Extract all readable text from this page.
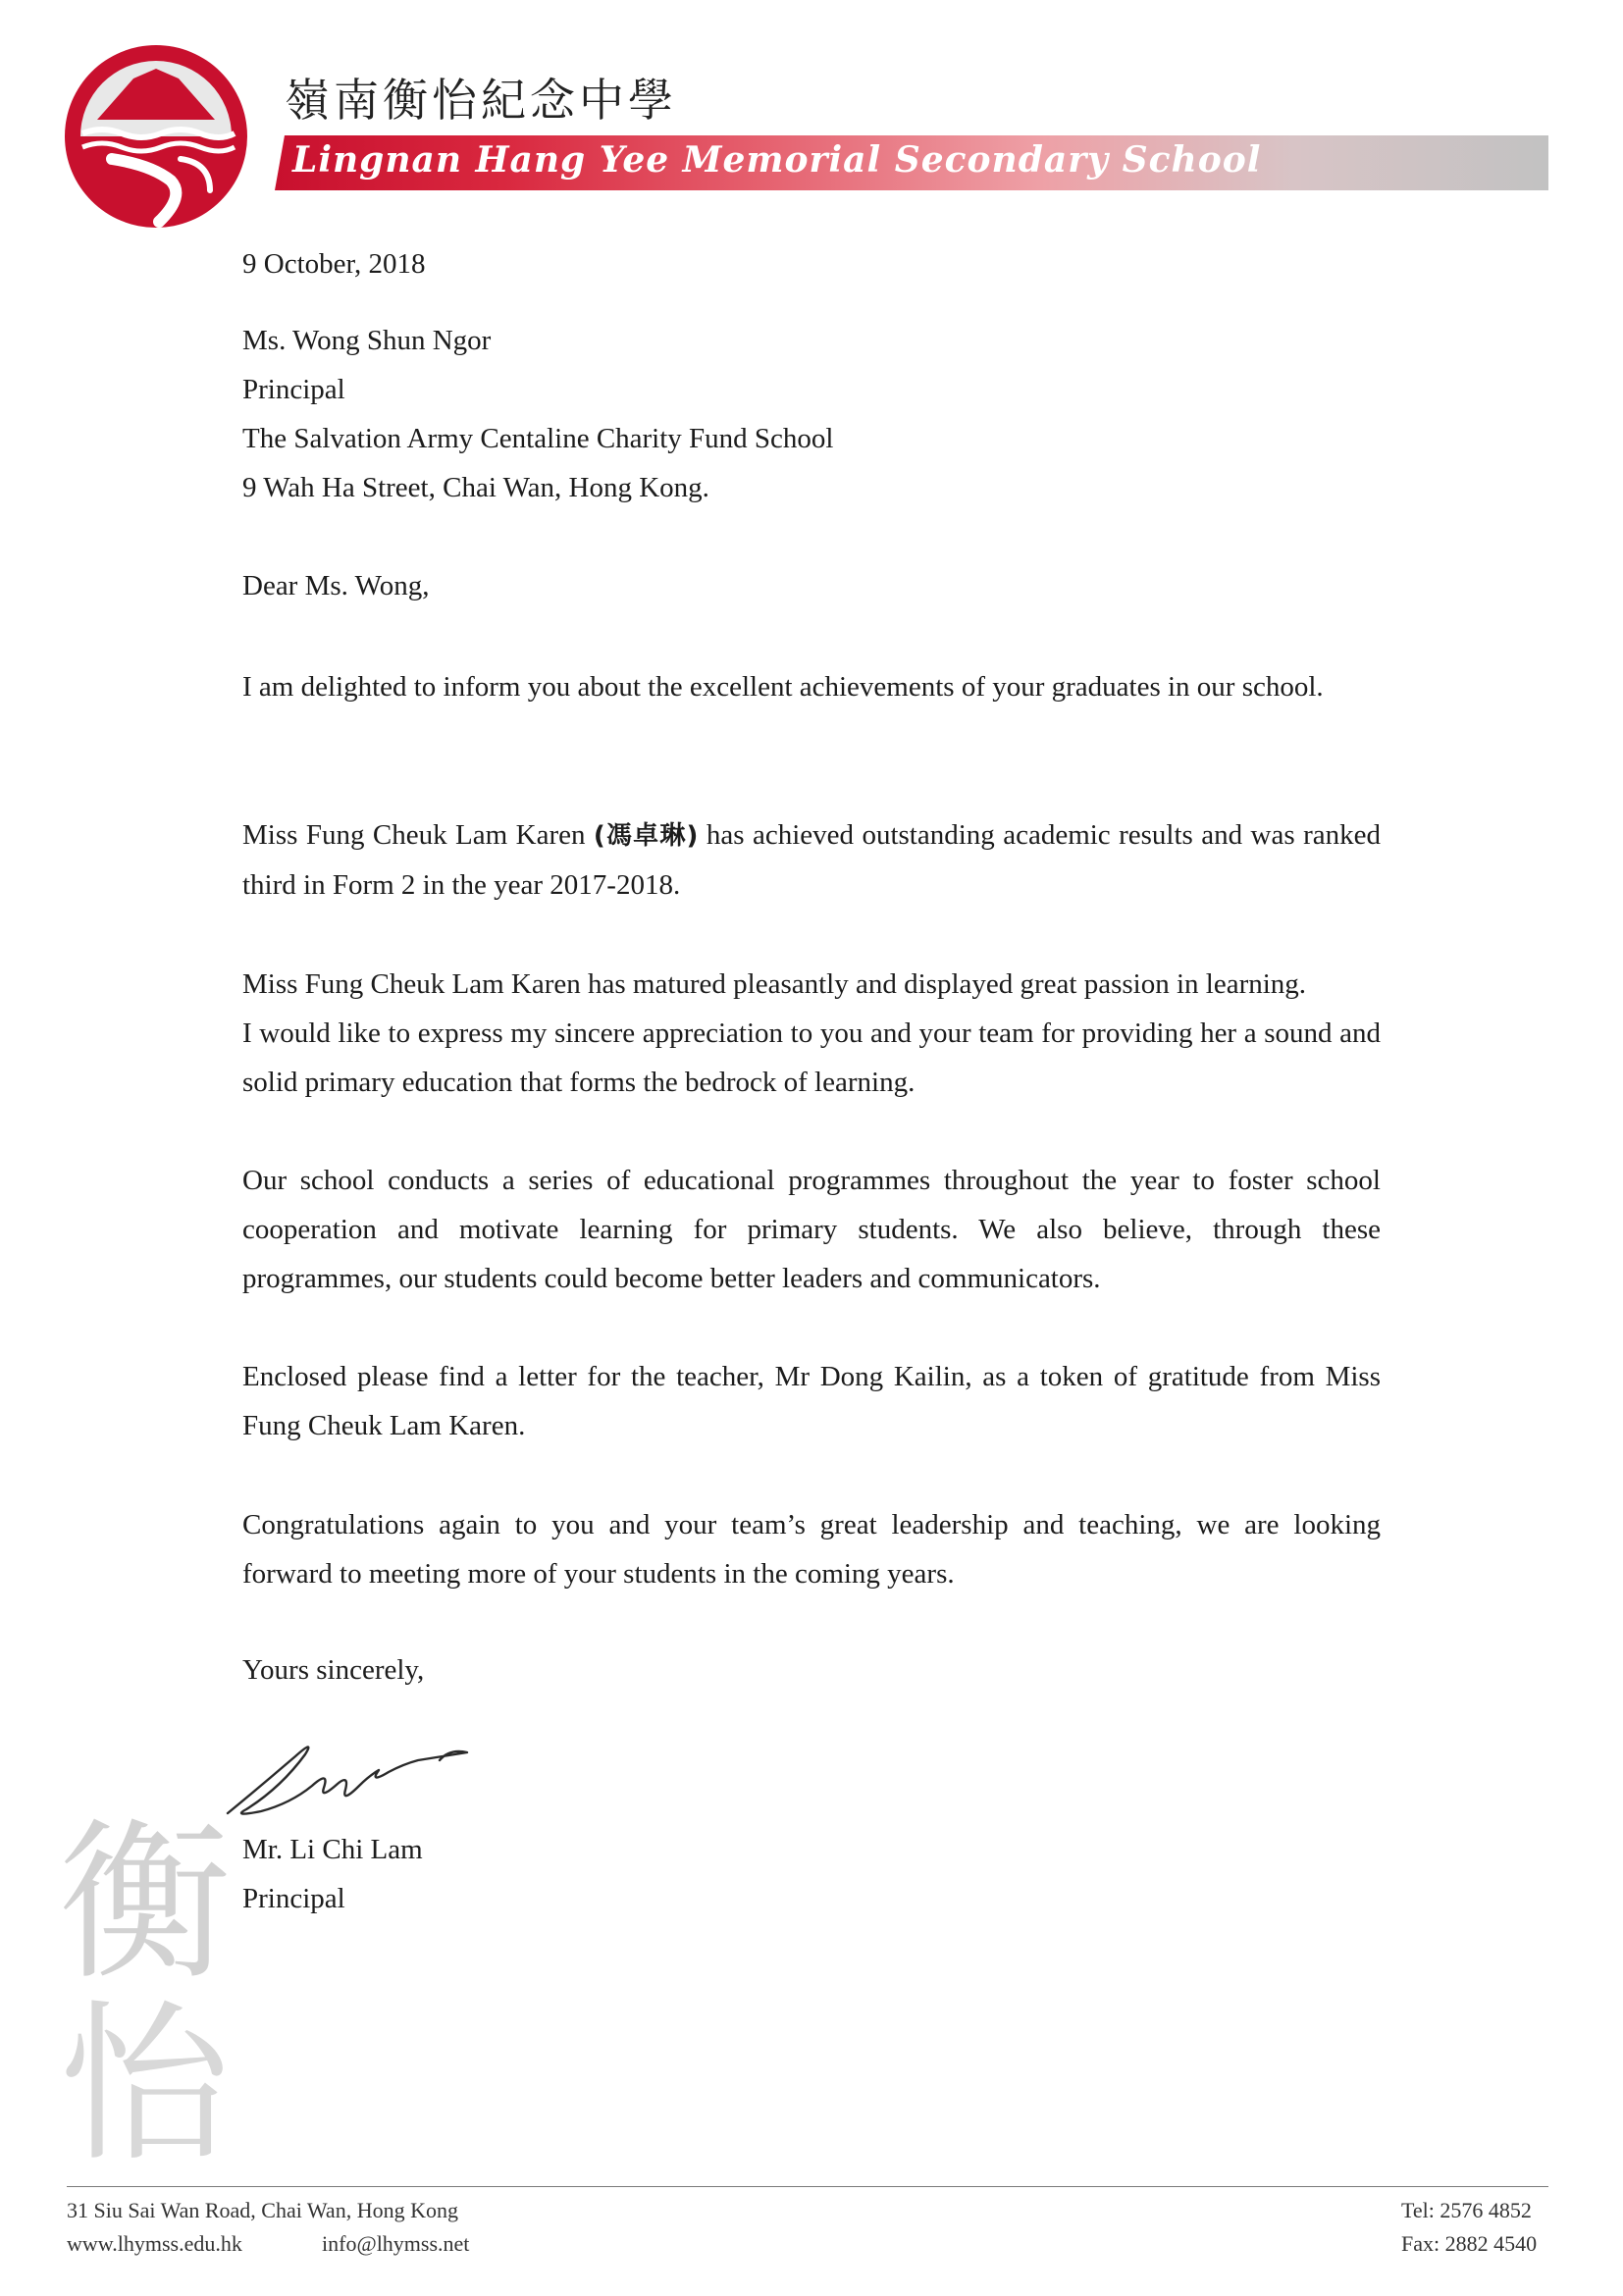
嶺南衡怡紀念中學
Lingnan Hang Yee Memorial Secondary School
9 October, 2018
Ms. Wong Shun Ngor
Principal
The Salvation Army Centaline Charity Fund School
9 Wah Ha Street, Chai Wan, Hong Kong.
Dear Ms. Wong,
I am delighted to inform you about the excellent achievements of your graduates in our school.
Miss Fung Cheuk Lam Karen (馮卓琳) has achieved outstanding academic results and was ranked third in Form 2 in the year 2017-2018.
Miss Fung Cheuk Lam Karen has matured pleasantly and displayed great passion in learning.
I would like to express my sincere appreciation to you and your team for providing her a sound and solid primary education that forms the bedrock of learning.
Our school conducts a series of educational programmes throughout the year to foster school cooperation and motivate learning for primary students. We also believe, through these programmes, our students could become better leaders and communicators.
Enclosed please find a letter for the teacher, Mr Dong Kailin, as a token of gratitude from Miss Fung Cheuk Lam Karen.
Congratulations again to you and your team’s great leadership and teaching, we are looking forward to meeting more of your students in the coming years.
Yours sincerely,
衡
怡
Mr. Li Chi Lam
Principal
31 Siu Sai Wan Road, Chai Wan, Hong Kong
www.lhymss.edu.hk	info@lhymss.net
Tel: 2576 4852
Fax: 2882 4540
